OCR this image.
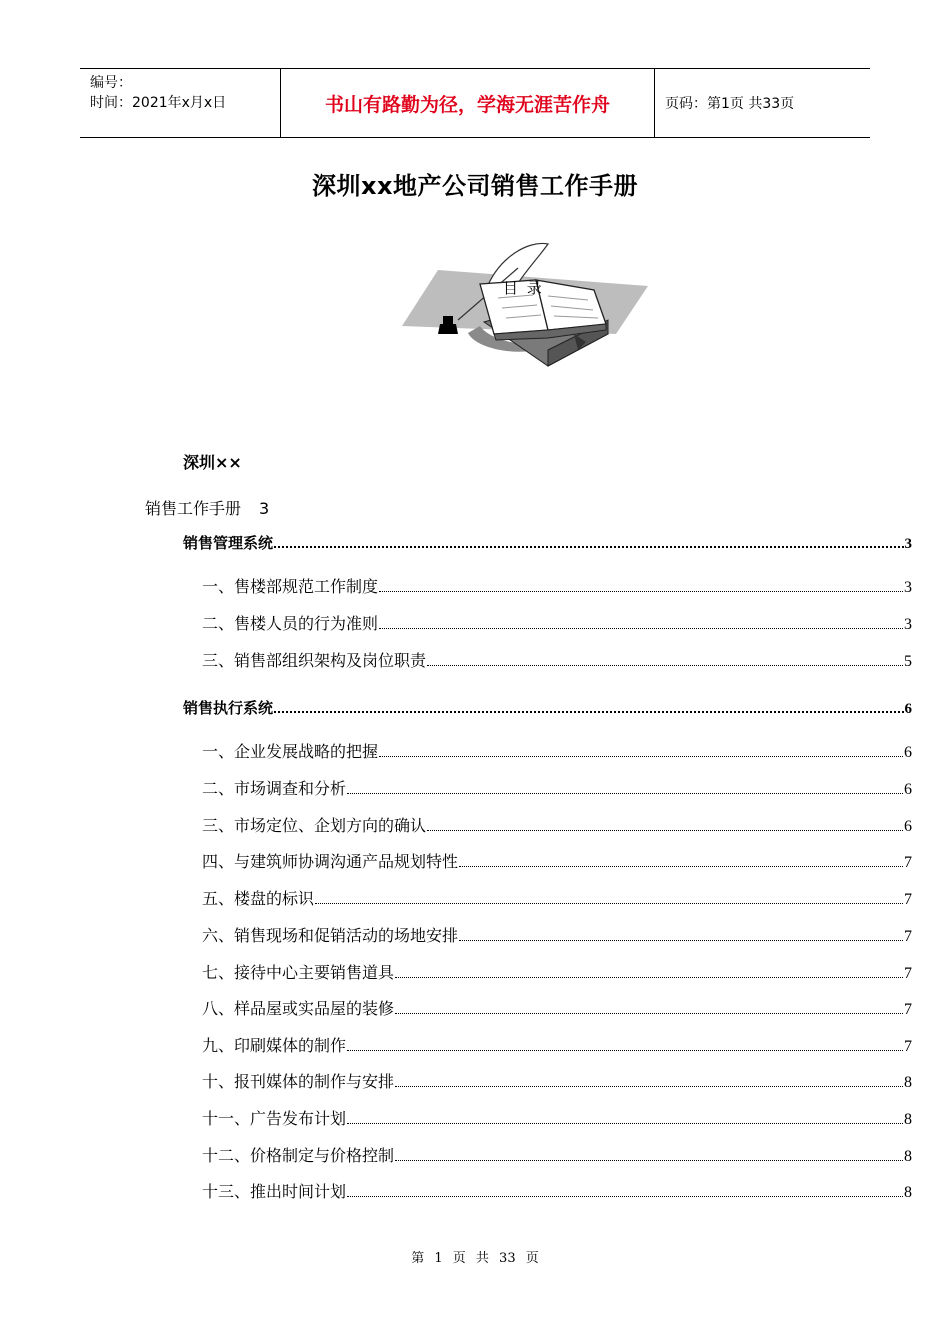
编号：
时间：2021年x月x日	书山有路勤为径，学海无涯苦作舟	页码：第1页 共33页
深圳xx地产公司销售工作手册
目 录
深圳××
销售工作手册 3
销售管理系统	3
一、售楼部规范工作制度	3
二、售楼人员的行为准则	3
三、销售部组织架构及岗位职责	5
销售执行系统	6
一、企业发展战略的把握	6
二、市场调查和分析	6
三、市场定位、企划方向的确认	6
四、与建筑师协调沟通产品规划特性	7
五、楼盘的标识	7
六、销售现场和促销活动的场地安排	7
七、接待中心主要销售道具	7
八、样品屋或实品屋的装修	7
九、印刷媒体的制作	7
十、报刊媒体的制作与安排	8
十一、广告发布计划	8
十二、价格制定与价格控制	8
十三、推出时间计划	8
第 1 页 共 33 页
